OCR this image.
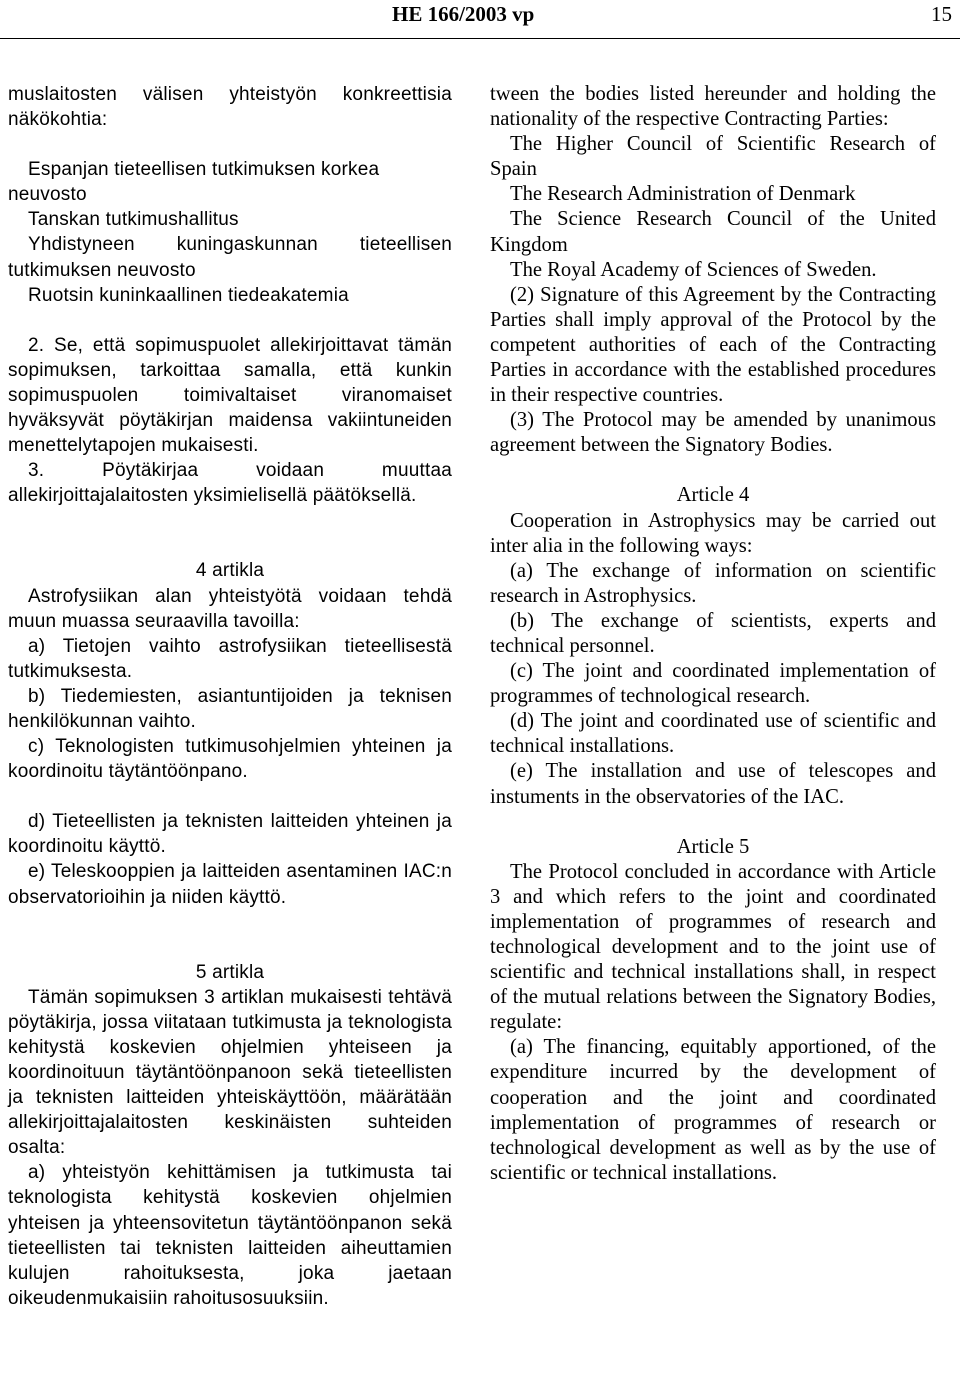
HE 166/2003 vp	15

muslaitosten välisen yhteistyön konkreettisia näkökohtia:

Espanjan tieteellisen tutkimuksen korkea neuvosto

Tanskan tutkimushallitus

Yhdistyneen kuningaskunnan tieteellisen tutkimuksen neuvosto

Ruotsin kuninkaallinen tiedeakatemia

2. Se, että sopimuspuolet allekirjoittavat tämän sopimuksen, tarkoittaa samalla, että kunkin sopimuspuolen toimivaltaiset viranomaiset hyväksyvät pöytäkirjan maidensa vakiintuneiden menettelytapojen mukaisesti.

3. Pöytäkirjaa voidaan muuttaa allekirjoittajalaitosten yksimielisellä päätöksellä.

4 artikla

Astrofysiikan alan yhteistyötä voidaan tehdä muun muassa seuraavilla tavoilla:

a) Tietojen vaihto astrofysiikan tieteellisestä tutkimuksesta.

b) Tiedemiesten, asiantuntijoiden ja teknisen henkilökunnan vaihto.

c) Teknologisten tutkimusohjelmien yhteinen ja koordinoitu täytäntöönpano.

d) Tieteellisten ja teknisten laitteiden yhteinen ja koordinoitu käyttö.

e) Teleskooppien ja laitteiden asentaminen IAC:n observatorioihin ja niiden käyttö.

5 artikla

Tämän sopimuksen 3 artiklan mukaisesti tehtävä pöytäkirja, jossa viitataan tutkimusta ja teknologista kehitystä koskevien ohjelmien yhteiseen ja koordinoituun täytäntöönpanoon sekä tieteellisten ja teknisten laitteiden yhteiskäyttöön, määrätään allekirjoittajalaitosten keskinäisten suhteiden osalta:

a) yhteistyön kehittämisen ja tutkimusta tai teknologista kehitystä koskevien ohjelmien yhteisen ja yhteensovitetun täytäntöönpanon sekä tieteellisten tai teknisten laitteiden aiheuttamien kulujen rahoituksesta, joka jaetaan oikeudenmukaisiin rahoitusosuuksiin.

tween the bodies listed hereunder and holding the nationality of the respective Contracting Parties:

The Higher Council of Scientific Research of Spain

The Research Administration of Denmark

The Science Research Council of the United Kingdom

The Royal Academy of Sciences of Sweden.

(2) Signature of this Agreement by the Contracting Parties shall imply approval of the Protocol by the competent authorities of each of the Contracting Parties in accordance with the established procedures in their respective countries.

(3) The Protocol may be amended by unanimous agreement between the Signatory Bodies.

Article 4

Cooperation in Astrophysics may be carried out inter alia in the following ways:

(a) The exchange of information on scientific research in Astrophysics.

(b) The exchange of scientists, experts and technical personnel.

(c) The joint and coordinated implementation of programmes of technological research.

(d) The joint and coordinated use of scientific and technical installations.

(e) The installation and use of telescopes and instuments in the observatories of the IAC.

Article 5

The Protocol concluded in accordance with Article 3 and which refers to the joint and coordinated implementation of programmes of research and technological development and to the joint use of scientific and technical installations shall, in respect of the mutual relations between the Signatory Bodies, regulate:

(a) The financing, equitably apportioned, of the expenditure incurred by the development of cooperation and the joint and coordinated implementation of programmes of research or technological development as well as by the use of scientific or technical installations.
